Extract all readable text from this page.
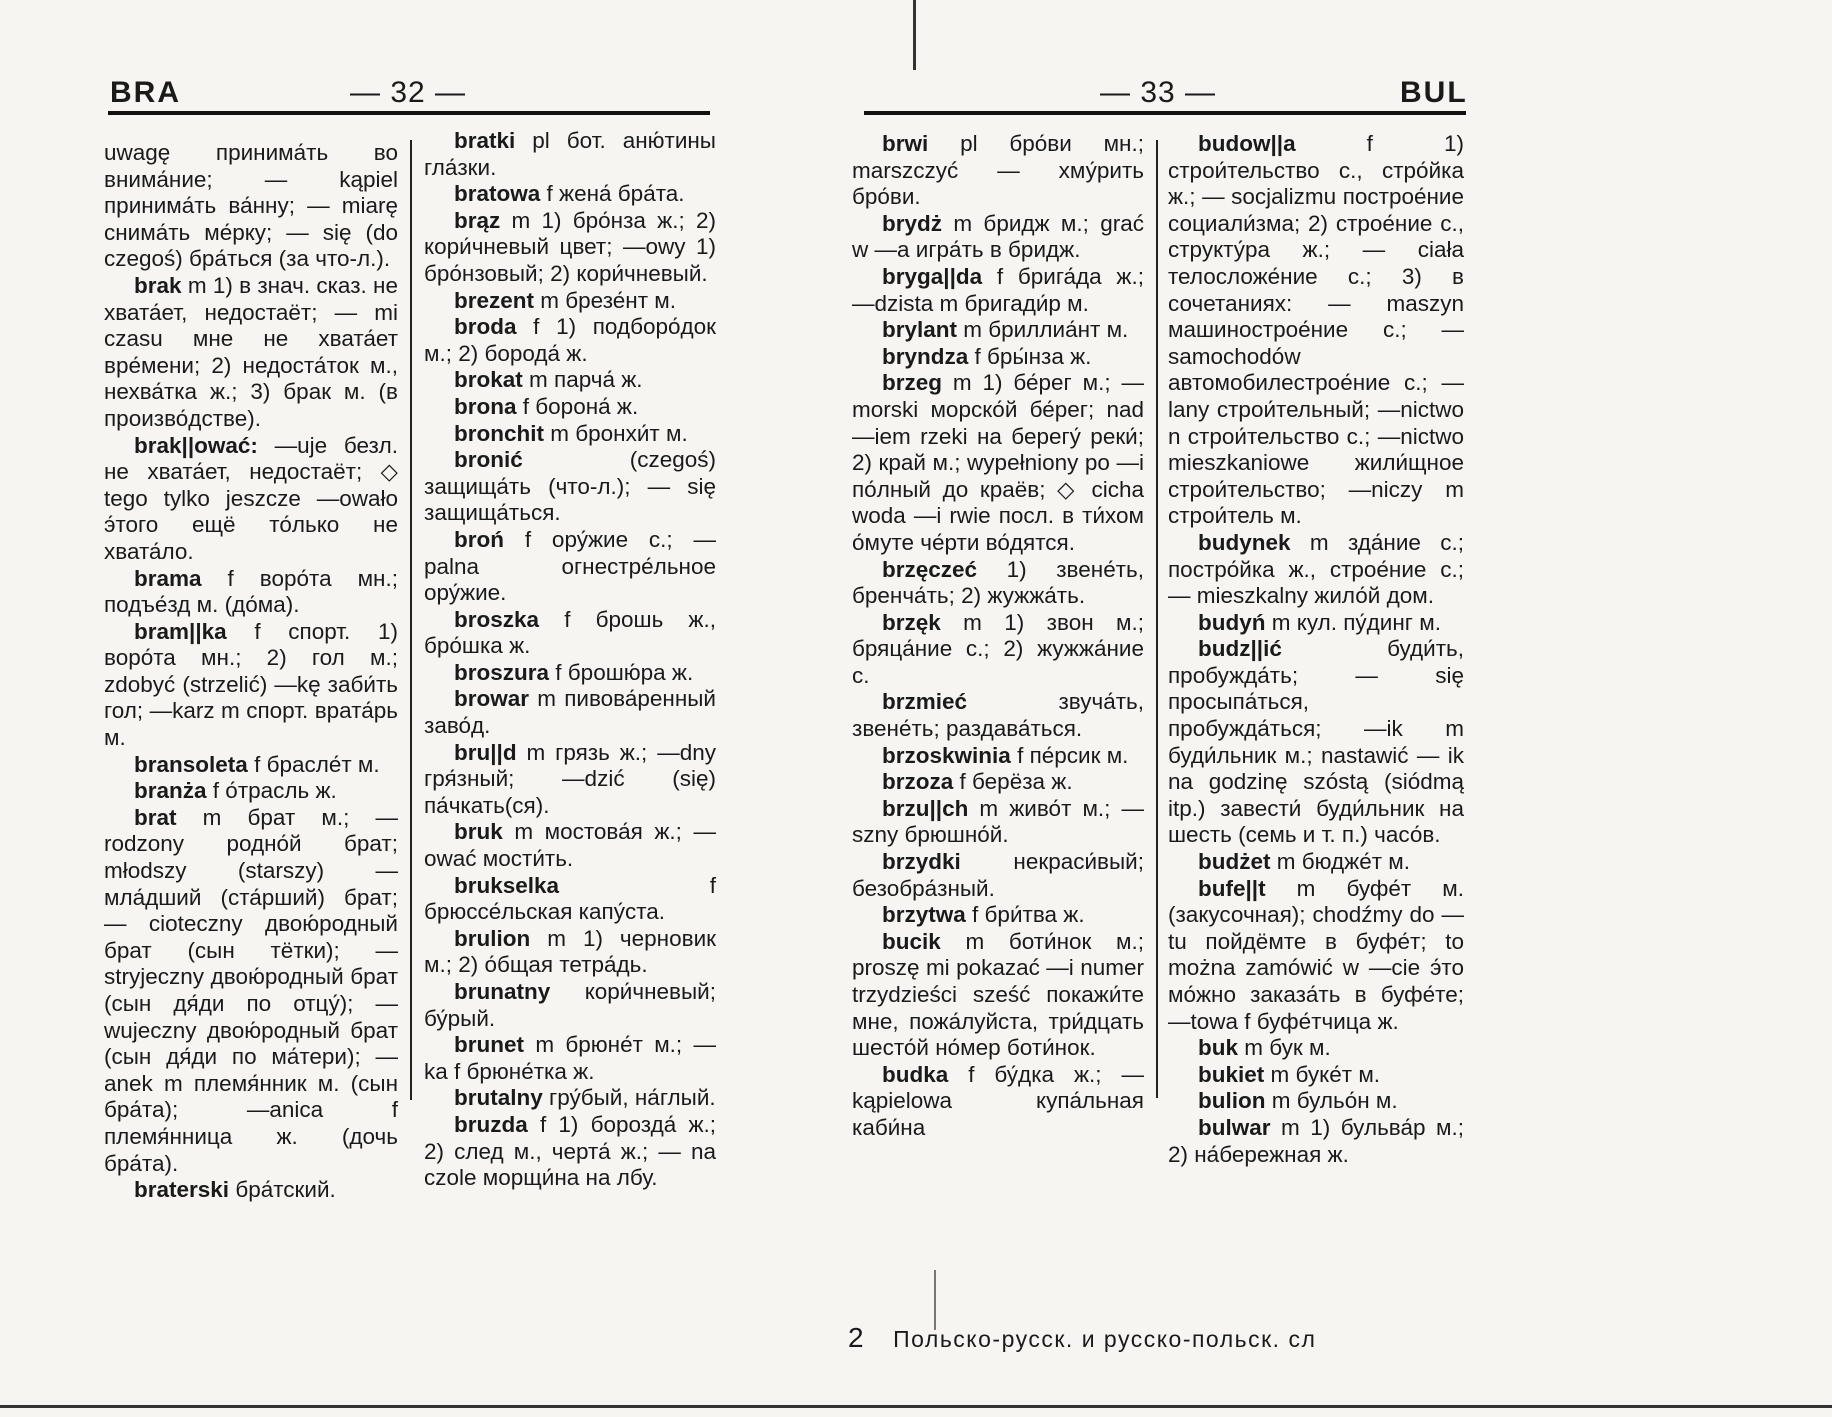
BRA	— 32 —

uwagę принима́ть во внима́ние; — kąpiel принима́ть ва́нну; — miarę снима́ть ме́рку; — się (do czegoś) бра́ться (за что-л.).

brak m 1) в знач. сказ. не хвата́ет, недостаёт; — mi czasu мне не хвата́ет вре́мени; 2) недоста́ток м., нехва́тка ж.; 3) брак м. (в произво́дстве).

brak||ować: —uje безл. не хвата́ет, недостаёт; ◇ tego tylko jeszcze —owało э́того ещё то́лько не хвата́ло.

brama f воро́та мн.; подъе́зд м. (до́ма).

bram||ka f спорт. 1) воро́та мн.; 2) гол м.; zdobyć (strzelić) —kę заби́ть гол; —karz m спорт. врата́рь м.

bransoleta f брасле́т м.

branża f о́трасль ж.

brat m брат м.; — rodzony родно́й брат; młodszy (starszy) — мла́дший (ста́рший) брат; — cioteczny двою́родный брат (сын тётки); — stryjeczny двою́родный брат (сын дя́ди по отцу́); — wujeczny двою́родный брат (сын дя́ди по ма́тери); —anek m племя́нник м. (сын бра́та); —anica f племя́нница ж. (дочь бра́та).

braterski бра́тский.

bratki pl бот. аню́тины гла́зки.

bratowa f жена́ бра́та.

brąz m 1) бро́нза ж.; 2) кори́чневый цвет; —owy 1) бро́нзовый; 2) кори́чневый.

brezent m брезе́нт м.

broda f 1) подборо́док м.; 2) борода́ ж.

brokat m парча́ ж.

brona f борона́ ж.

bronchit m бронхи́т м.

bronić	(czegoś) защища́ть (что-л.); — się защища́ться.

broń f ору́жие с.; — palna огнестре́льное ору́жие.

broszka f брошь ж., бро́шка ж.

broszura f брошю́ра ж.

browar m пивова́ренный заво́д.

bru||d m грязь ж.; —dny гря́зный; —dzić (się) па́чкать(ся).

bruk m мостова́я ж.; —ować мости́ть.

brukselka	f брюссе́льская капу́ста.

brulion m 1) черновик м.; 2) о́бщая тетра́дь.

brunatny кори́чневый; бу́рый.

brunet m брюне́т м.; —ka f брюне́тка ж.

brutalny гру́бый, на́глый.

bruzda f 1) борозда́ ж.; 2) след м., черта́ ж.; — na czole морщи́на на лбу.

— 33 —	BUL

brwi pl бро́ви мн.; marszczyć — хму́рить бро́ви.

brydż m бридж м.; grać w —a игра́ть в бридж.

bryga||da f брига́да ж.; —dzista m бригади́р м.

brylant m бриллиа́нт м.

bryndza f бры́нза ж.

brzeg m 1) бе́рег м.; — morski морско́й бе́рег; nad —iem rzeki на берегу́ реки́; 2) край м.; wypełniony po —i по́лный до краёв; ◇ cicha woda —i rwie посл. в ти́хом о́муте че́рти во́дятся.

brzęczeć 1) звене́ть, бренча́ть; 2) жужжа́ть.

brzęk m 1) звон м.; бряца́ние с.; 2) жужжа́ние с.

brzmieć	звуча́ть, звене́ть; раздава́ться.

brzoskwinia f пе́рсик м.

brzoza f берёза ж.

brzu||ch m живо́т м.; —szny брюшно́й.

brzydki некраси́вый; безобра́зный.

brzytwa f бри́тва ж.

bucik m боти́нок м.; proszę mi pokazać —i numer trzydzieści sześć покажи́те мне, пожа́луйста, три́дцать шесто́й но́мер боти́нок.

budka f бу́дка ж.; — kąpielowa купа́льная каби́на

budow||a	f 1) строи́тельство с., стро́йка ж.; — socjalizmu построе́ние социали́зма; 2) строе́ние с., структу́ра ж.; — ciała телосложе́ние с.; 3) в сочетаниях: — maszyn машинострое́ние с.; — samochodów автомобилестрое́ние с.; —lany строи́тельный; —nictwo n строи́тельство с.; —nictwo mieszkaniowe жили́щное строи́тельство; —niczy m строи́тель м.

budynek m зда́ние с.; постро́йка ж., строе́ние с.; — mieszkalny жило́й дом.

budyń m кул. пу́динг м.

budz||ić	буди́ть, пробужда́ть; — się просыпа́ться, пробужда́ться; —ik m буди́льник м.; nastawić — ik na godzinę szóstą (siódmą itp.) завести́ буди́льник на шесть (семь и т. п.) часо́в.

budżet m бюдже́т м.

bufe||t m буфе́т м. (закусочная); chodźmy do —tu пойдёмте в буфе́т; to można zamówić w —cie э́то мо́жно заказа́ть в буфе́те; —towa f буфе́тчица ж.

buk m бук м.

bukiet m буке́т м.

bulion m бульо́н м.

bulwar m 1) бульва́р м.; 2) на́бережная ж.

2 Польско-русск. и русско-польск. сл
